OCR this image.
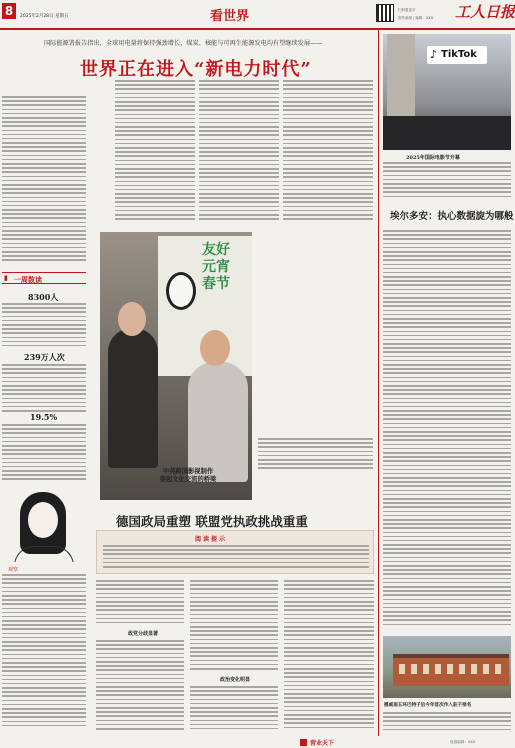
8	2025年2月28日 星期五	看世界	扫码看更多	工人日报
国外新闻 / 编辑：XXX
国际能源署报告指出，全球用电量将保持强劲增长，煤炭、核能与可再生能源发电均有望继续发展——
世界正在进入“新电力时代”
▮ 一周数读
8300人
239万人次
19.5%
友好
元宵
春节
中英跨国影视制作
架起文化交流的桥梁
观察
德国政局重塑 联盟党执政挑战重重
阅读提示
政党分歧显著
政治变化明显
♪ TikTok
2025年国际电影节开幕
埃尔多安：执心数据旋为哪般
挪威南五环巴特子后今年首次作入驻子排名
营业天下	组版编辑：XXX
